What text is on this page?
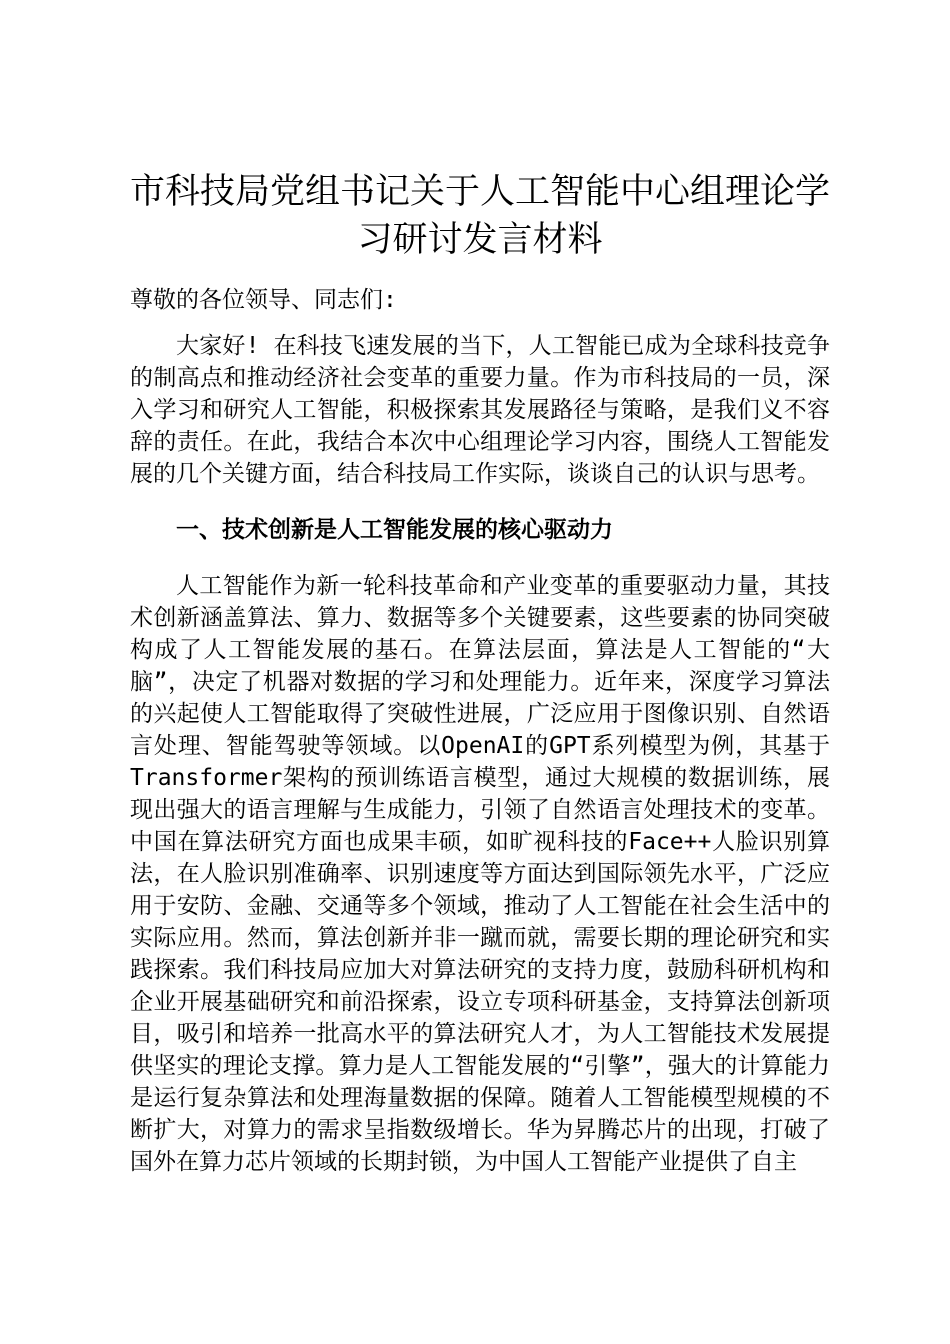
市科技局党组书记关于人工智能中心组理论学习研讨发言材料

尊敬的各位领导、同志们:

大家好! 在科技飞速发展的当下，人工智能已成为全球科技竞争的制高点和推动经济社会变革的重要力量。作为市科技局的一员，深入学习和研究人工智能，积极探索其发展路径与策略，是我们义不容辞的责任。在此，我结合本次中心组理论学习内容，围绕人工智能发展的几个关键方面，结合科技局工作实际，谈谈自己的认识与思考。

一、技术创新是人工智能发展的核心驱动力

人工智能作为新一轮科技革命和产业变革的重要驱动力量，其技术创新涵盖算法、算力、数据等多个关键要素，这些要素的协同突破构成了人工智能发展的基石。在算法层面，算法是人工智能的“大脑”，决定了机器对数据的学习和处理能力。近年来，深度学习算法的兴起使人工智能取得了突破性进展，广泛应用于图像识别、自然语言处理、智能驾驶等领域。以OpenAI的GPT系列模型为例，其基于Transformer架构的预训练语言模型，通过大规模的数据训练，展现出强大的语言理解与生成能力，引领了自然语言处理技术的变革。中国在算法研究方面也成果丰硕，如旷视科技的Face++人脸识别算法，在人脸识别准确率、识别速度等方面达到国际领先水平，广泛应用于安防、金融、交通等多个领域，推动了人工智能在社会生活中的实际应用。然而，算法创新并非一蹴而就，需要长期的理论研究和实践探索。我们科技局应加大对算法研究的支持力度，鼓励科研机构和企业开展基础研究和前沿探索，设立专项科研基金，支持算法创新项目，吸引和培养一批高水平的算法研究人才，为人工智能技术发展提供坚实的理论支撑。算力是人工智能发展的“引擎”，强大的计算能力是运行复杂算法和处理海量数据的保障。随着人工智能模型规模的不断扩大，对算力的需求呈指数级增长。华为昇腾芯片的出现，打破了国外在算力芯片领域的长期封锁，为中国人工智能产业提供了自主
